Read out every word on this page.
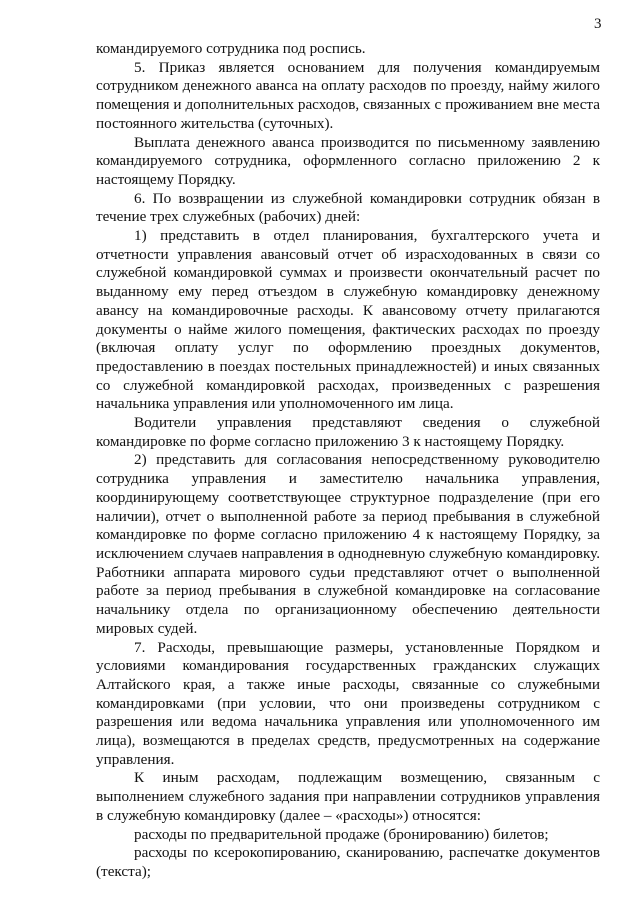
3

командируемого сотрудника под роспись.

5. Приказ является основанием для получения командируемым сотрудником денежного аванса на оплату расходов по проезду, найму жилого помещения и дополнительных расходов, связанных с проживанием вне места постоянного жительства (суточных).

Выплата денежного аванса производится по письменному заявлению командируемого сотрудника, оформленного согласно приложению 2 к настоящему Порядку.

6. По возвращении из служебной командировки сотрудник обязан в течение трех служебных (рабочих) дней:

1) представить в отдел планирования, бухгалтерского учета и отчетности управления авансовый отчет об израсходованных в связи со служебной командировкой суммах и произвести окончательный расчет по выданному ему перед отъездом в служебную командировку денежному авансу на командировочные расходы. К авансовому отчету прилагаются документы о найме жилого помещения, фактических расходах по проезду (включая оплату услуг по оформлению проездных документов, предоставлению в поездах постельных принадлежностей) и иных связанных со служебной командировкой расходах, произведенных с разрешения начальника управления или уполномоченного им лица.

Водители управления представляют сведения о служебной командировке по форме согласно приложению 3 к настоящему Порядку.

2) представить для согласования непосредственному руководителю сотрудника управления и заместителю начальника управления, координирующему соответствующее структурное подразделение (при его наличии), отчет о выполненной работе за период пребывания в служебной командировке по форме согласно приложению 4 к настоящему Порядку, за исключением случаев направления в однодневную служебную командировку. Работники аппарата мирового судьи представляют отчет о выполненной работе за период пребывания в служебной командировке на согласование начальнику отдела по организационному обеспечению деятельности мировых судей.

7. Расходы, превышающие размеры, установленные Порядком и условиями командирования государственных гражданских служащих Алтайского края, а также иные расходы, связанные со служебными командировками (при условии, что они произведены сотрудником с разрешения или ведома начальника управления или уполномоченного им лица), возмещаются в пределах средств, предусмотренных на содержание управления.

К иным расходам, подлежащим возмещению, связанным с выполнением служебного задания при направлении сотрудников управления в служебную командировку (далее – «расходы») относятся:

расходы по предварительной продаже (бронированию) билетов;

расходы по ксерокопированию, сканированию, распечатке документов (текста);
